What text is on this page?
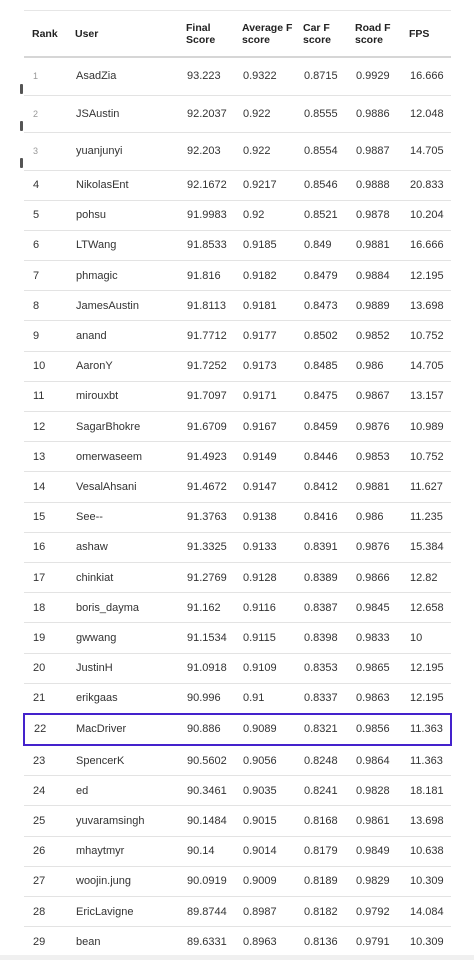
Rank	User	Final Score	Average F score	Car F score	Road F score	FPS
1	AsadZia	93.223	0.9322	0.8715	0.9929	16.666
2	JSAustin	92.2037	0.922	0.8555	0.9886	12.048
3	yuanjunyi	92.203	0.922	0.8554	0.9887	14.705
4	NikolasEnt	92.1672	0.9217	0.8546	0.9888	20.833
5	pohsu	91.9983	0.92	0.8521	0.9878	10.204
6	LTWang	91.8533	0.9185	0.849	0.9881	16.666
7	phmagic	91.816	0.9182	0.8479	0.9884	12.195
8	JamesAustin	91.8113	0.9181	0.8473	0.9889	13.698
9	anand	91.7712	0.9177	0.8502	0.9852	10.752
10	AaronY	91.7252	0.9173	0.8485	0.986	14.705
11	mirouxbt	91.7097	0.9171	0.8475	0.9867	13.157
12	SagarBhokre	91.6709	0.9167	0.8459	0.9876	10.989
13	omerwaseem	91.4923	0.9149	0.8446	0.9853	10.752
14	VesalAhsani	91.4672	0.9147	0.8412	0.9881	11.627
15	See--	91.3763	0.9138	0.8416	0.986	11.235
16	ashaw	91.3325	0.9133	0.8391	0.9876	15.384
17	chinkiat	91.2769	0.9128	0.8389	0.9866	12.82
18	boris_dayma	91.162	0.9116	0.8387	0.9845	12.658
19	gwwang	91.1534	0.9115	0.8398	0.9833	10
20	JustinH	91.0918	0.9109	0.8353	0.9865	12.195
21	erikgaas	90.996	0.91	0.8337	0.9863	12.195
22	MacDriver	90.886	0.9089	0.8321	0.9856	11.363
23	SpencerK	90.5602	0.9056	0.8248	0.9864	11.363
24	ed	90.3461	0.9035	0.8241	0.9828	18.181
25	yuvaramsingh	90.1484	0.9015	0.8168	0.9861	13.698
26	mhaytmyr	90.14	0.9014	0.8179	0.9849	10.638
27	woojin.jung	90.0919	0.9009	0.8189	0.9829	10.309
28	EricLavigne	89.8744	0.8987	0.8182	0.9792	14.084
29	bean	89.6331	0.8963	0.8136	0.9791	10.309
